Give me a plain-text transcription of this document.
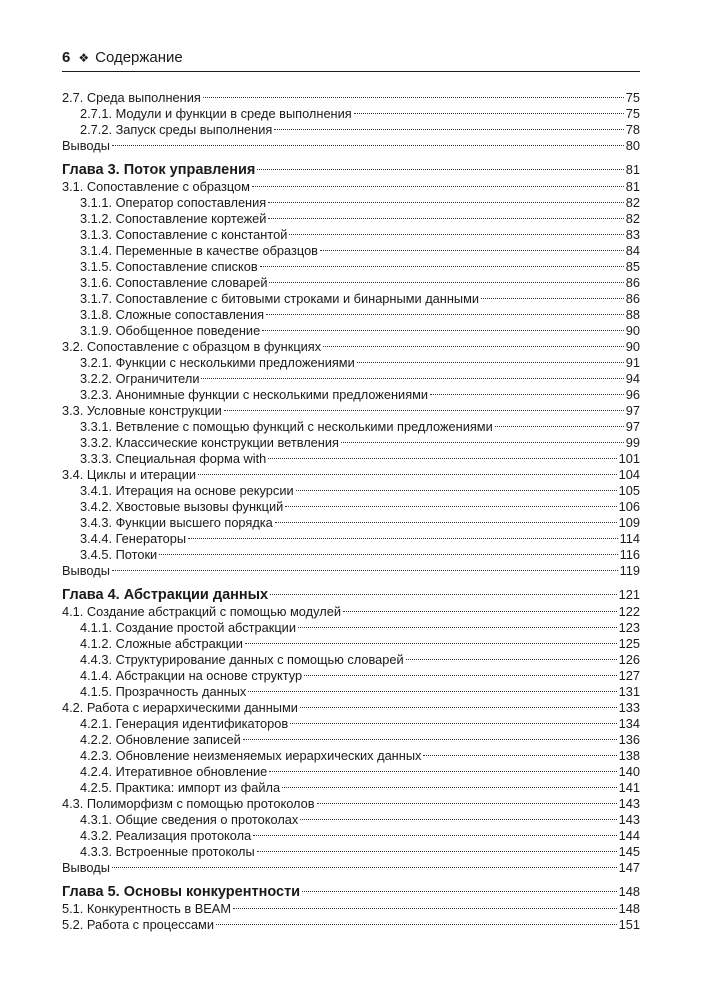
6 ❖ Содержание
2.7. Среда выполнения	75
2.7.1. Модули и функции в среде выполнения	75
2.7.2. Запуск среды выполнения	78
Выводы	80
Глава 3. Поток управления	81
3.1. Сопоставление с образцом	81
3.1.1. Оператор сопоставления	82
3.1.2. Сопоставление кортежей	82
3.1.3. Сопоставление с константой	83
3.1.4. Переменные в качестве образцов	84
3.1.5. Сопоставление списков	85
3.1.6. Сопоставление словарей	86
3.1.7. Сопоставление с битовыми строками и бинарными данными	86
3.1.8. Сложные сопоставления	88
3.1.9. Обобщенное поведение	90
3.2. Сопоставление с образцом в функциях	90
3.2.1. Функции с несколькими предложениями	91
3.2.2. Ограничители	94
3.2.3. Анонимные функции с несколькими предложениями	96
3.3. Условные конструкции	97
3.3.1. Ветвление с помощью функций с несколькими предложениями	97
3.3.2. Классические конструкции ветвления	99
3.3.3. Специальная форма with	101
3.4. Циклы и итерации	104
3.4.1. Итерация на основе рекурсии	105
3.4.2. Хвостовые вызовы функций	106
3.4.3. Функции высшего порядка	109
3.4.4. Генераторы	114
3.4.5. Потоки	116
Выводы	119
Глава 4. Абстракции данных	121
4.1. Создание абстракций с помощью модулей	122
4.1.1. Создание простой абстракции	123
4.1.2. Сложные абстракции	125
4.4.3. Структурирование данных с помощью словарей	126
4.1.4. Абстракции на основе структур	127
4.1.5. Прозрачность данных	131
4.2. Работа с иерархическими данными	133
4.2.1. Генерация идентификаторов	134
4.2.2. Обновление записей	136
4.2.3. Обновление неизменяемых иерархических данных	138
4.2.4. Итеративное обновление	140
4.2.5. Практика: импорт из файла	141
4.3. Полиморфизм с помощью протоколов	143
4.3.1. Общие сведения о протоколах	143
4.3.2. Реализация протокола	144
4.3.3. Встроенные протоколы	145
Выводы	147
Глава 5. Основы конкурентности	148
5.1. Конкурентность в BEAM	148
5.2. Работа с процессами	151
